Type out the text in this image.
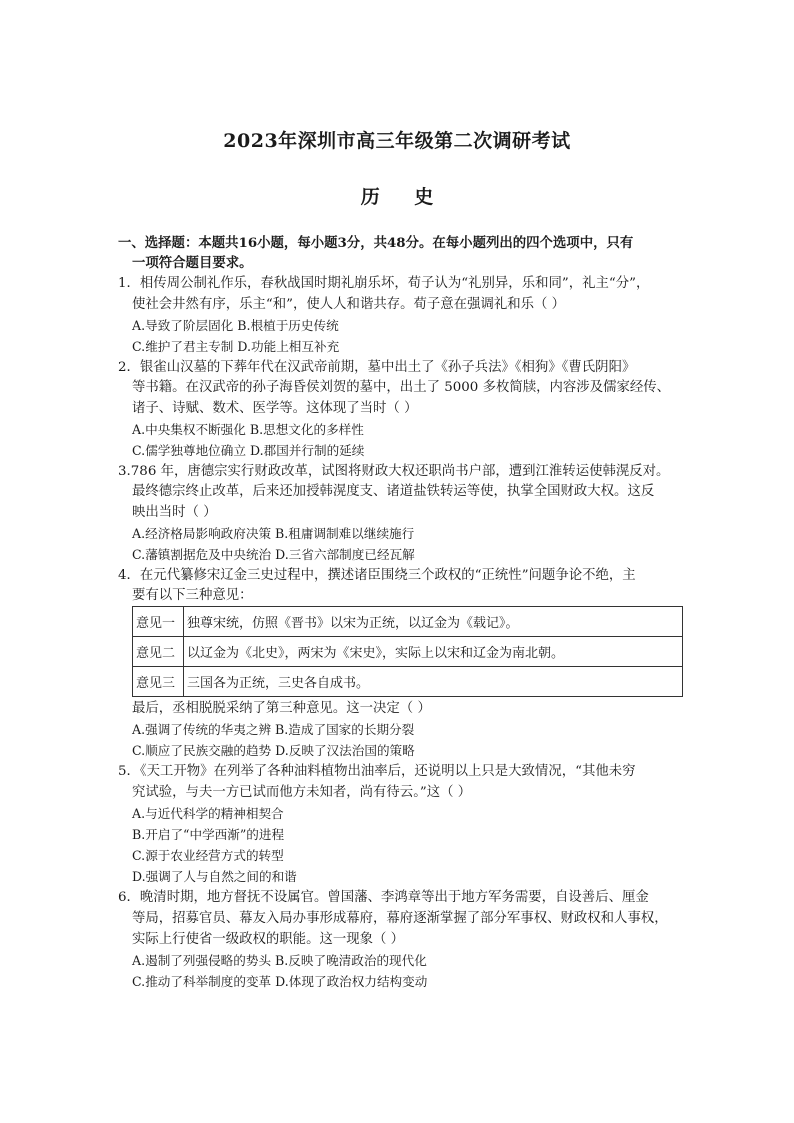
2023年深圳市高三年级第二次调研考试
历 史
一、选择题：本题共16小题，每小题3分，共48分。在每小题列出的四个选项中，只有
一项符合题目要求。
1．相传周公制礼作乐，春秋战国时期礼崩乐坏，荀子认为“礼别异，乐和同”，礼主“分”，
使社会井然有序，乐主“和”，使人人和谐共存。荀子意在强调礼和乐（ ）
A.导致了阶层固化 B.根植于历史传统
C.维护了君主专制 D.功能上相互补充
2．银雀山汉墓的下葬年代在汉武帝前期，墓中出土了《孙子兵法》《相狗》《曹氏阴阳》
等书籍。在汉武帝的孙子海昏侯刘贺的墓中，出土了 5000 多枚简牍，内容涉及儒家经传、
诸子、诗赋、数术、医学等。这体现了当时（ ）
A.中央集权不断强化 B.思想文化的多样性
C.儒学独尊地位确立 D.郡国并行制的延续
3.786 年，唐德宗实行财政改革，试图将财政大权还职尚书户部，遭到江淮转运使韩滉反对。
最终德宗终止改革，后来还加授韩滉度支、诸道盐铁转运等使，执掌全国财政大权。这反
映出当时（ ）
A.经济格局影响政府决策 B.租庸调制难以继续施行
C.藩镇割据危及中央统治 D.三省六部制度已经瓦解
4．在元代纂修宋辽金三史过程中，撰述诸臣围绕三个政权的“正统性”问题争论不绝，主
要有以下三种意见：
意见一	独尊宋统，仿照《晋书》以宋为正统，以辽金为《载记》。
意见二	以辽金为《北史》，两宋为《宋史》，实际上以宋和辽金为南北朝。
意见三	三国各为正统，三史各自成书。
最后，丞相脱脱采纳了第三种意见。这一决定（ ）
A.强调了传统的华夷之辨 B.造成了国家的长期分裂
C.顺应了民族交融的趋势 D.反映了汉法治国的策略
5．《天工开物》在列举了各种油料植物出油率后，还说明以上只是大致情况，“其他未穷
究试验，与夫一方已试而他方未知者，尚有待云。”这（ ）
A.与近代科学的精神相契合
B.开启了“中学西渐”的进程
C.源于农业经营方式的转型
D.强调了人与自然之间的和谐
6．晚清时期，地方督抚不设属官。曾国藩、李鸿章等出于地方军务需要，自设善后、厘金
等局，招募官员、幕友入局办事形成幕府，幕府逐渐掌握了部分军事权、财政权和人事权，
实际上行使省一级政权的职能。这一现象（ ）
A.遏制了列强侵略的势头 B.反映了晚清政治的现代化
C.推动了科举制度的变革 D.体现了政治权力结构变动
